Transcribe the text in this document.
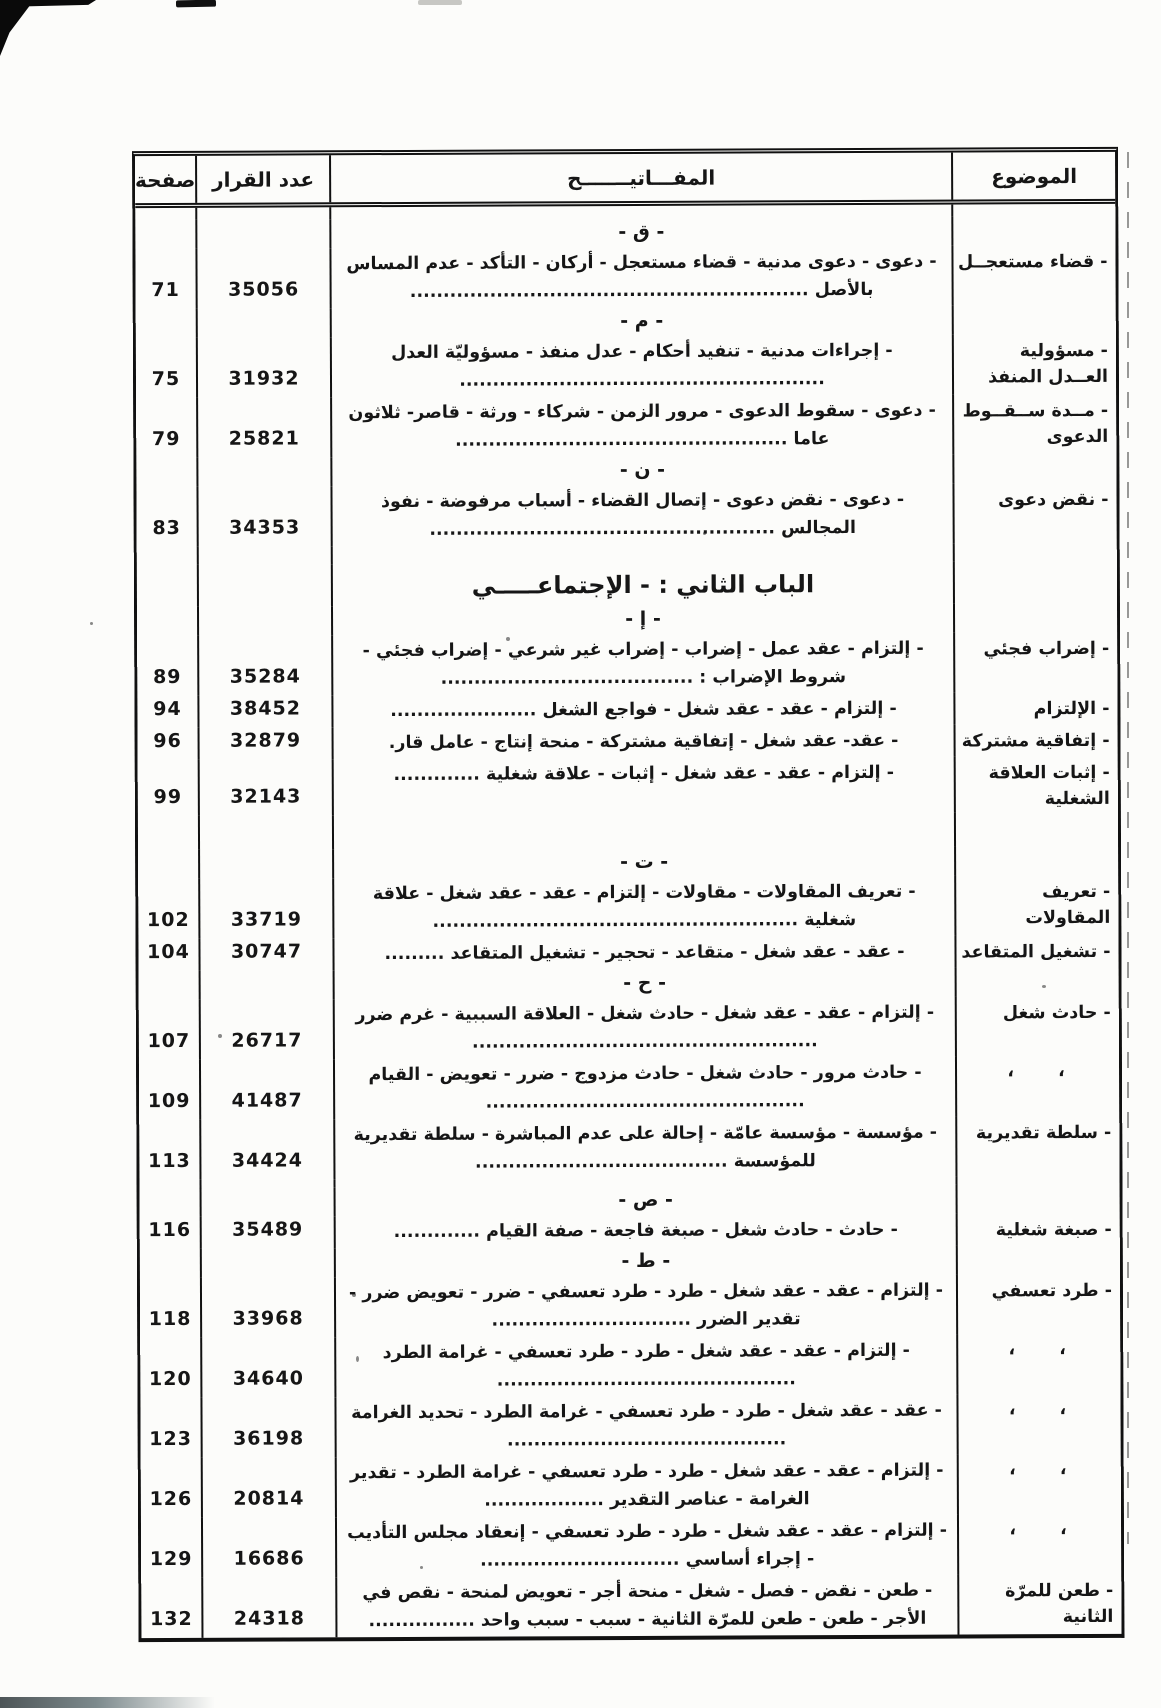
الموضوع
المفـــاتيـــــــح
عدد القرار
صفحة
- ق -
- قضاء مستعجــل
- دعوى - دعوى مدنية - قضاء مستعجل - أركان - التأكد - عدم المساس بالأصل ............................................................
35056
71
- م -
- مسؤولية العــدل المنفذ
- إجراءات مدنية - تنفيد أحكام - عدل منفذ - مسؤوليّة العدل .......................................................
31932
75
- مــدة ســقــوط الدعوى
- دعوى - سقوط الدعوى - مرور الزمن - شركاء - ورثة - قاصر- ثلاثون عاما ..................................................
25821
79
- ن -
- نقض دعوى
- دعوى - نقض دعوى - إتصال القضاء - أسباب مرفوضة - نفوذ المجالس ....................................................
34353
83
الباب الثاني : - الإجتماعـــــي
- إ -
- إضراب فجئي
- إلتزام - عقد عمل - إضراب - إضراب غير شرعي - إضراب فجئي - شروط الإضراب : ......................................
35284
89
- الإلتزام
- إلتزام - عقد - عقد شغل - فواجع الشغل ......................
38452
94
- إتفاقية مشتركة
- عقد- عقد شغل - إتفاقية مشتركة - منحة إنتاج - عامل قار.
32879
96
- إثبات العلاقة الشغلية
- إلتزام - عقد - عقد شغل - إثبات - علاقة شغلية .............
32143
99
- ت -
- تعريف المقاولات
- تعريف المقاولات - مقاولات - إلتزام - عقد - عقد شغل - علاقة شغلية .......................................................
33719
102
- تشغيل المتقاعد
- عقد - عقد شغل - متقاعد - تحجير - تشغيل المتقاعد .........
30747
104
- ح -
- حادث شغل
- إلتزام - عقد - عقد شغل - حادث شغل - العلاقة السببية - غرم ضرر ....................................................
26717
107
، ،
- حادث مرور - حادث شغل - حادث مزدوج - ضرر - تعويض - القيام ................................................
41487
109
- سلطة تقديرية
- مؤسسة - مؤسسة عامّة - إحالة على عدم المباشرة - سلطة تقديرية للمؤسسة ......................................
34424
113
- ص -
- صبغة شغلية
- حادث - حادث شغل - صبغة فاجعة - صفة القيام .............
35489
116
- ط -
- طرد تعسفي
- إلتزام - عقد - عقد شغل - طرد - طرد تعسفي - ضرر - تعويض ضرر - تقدير الضرر ..............................
33968
118
، ،
- إلتزام - عقد - عقد شغل - طرد - طرد تعسفي - غرامة الطرد .............................................
34640
120
، ،
- عقد - عقد شغل - طرد - طرد تعسفي - غرامة الطرد - تحديد الغرامة ..........................................
36198
123
، ،
- إلتزام - عقد - عقد شغل - طرد - طرد تعسفي - غرامة الطرد - تقدير الغرامة - عناصر التقدير ..................
20814
126
، ،
- إلتزام - عقد - عقد شغل - طرد - طرد تعسفي - إنعقاد مجلس التأديب - إجراء أساسي ..............................
16686
129
- طعن للمرّة الثانية
- طعن - نقض - فصل - شغل - منحة أجر - تعويض لمنحة - نقص في الأجر - طعن - طعن للمرّة الثانية - سبب - سبب واحد ................
24318
132
